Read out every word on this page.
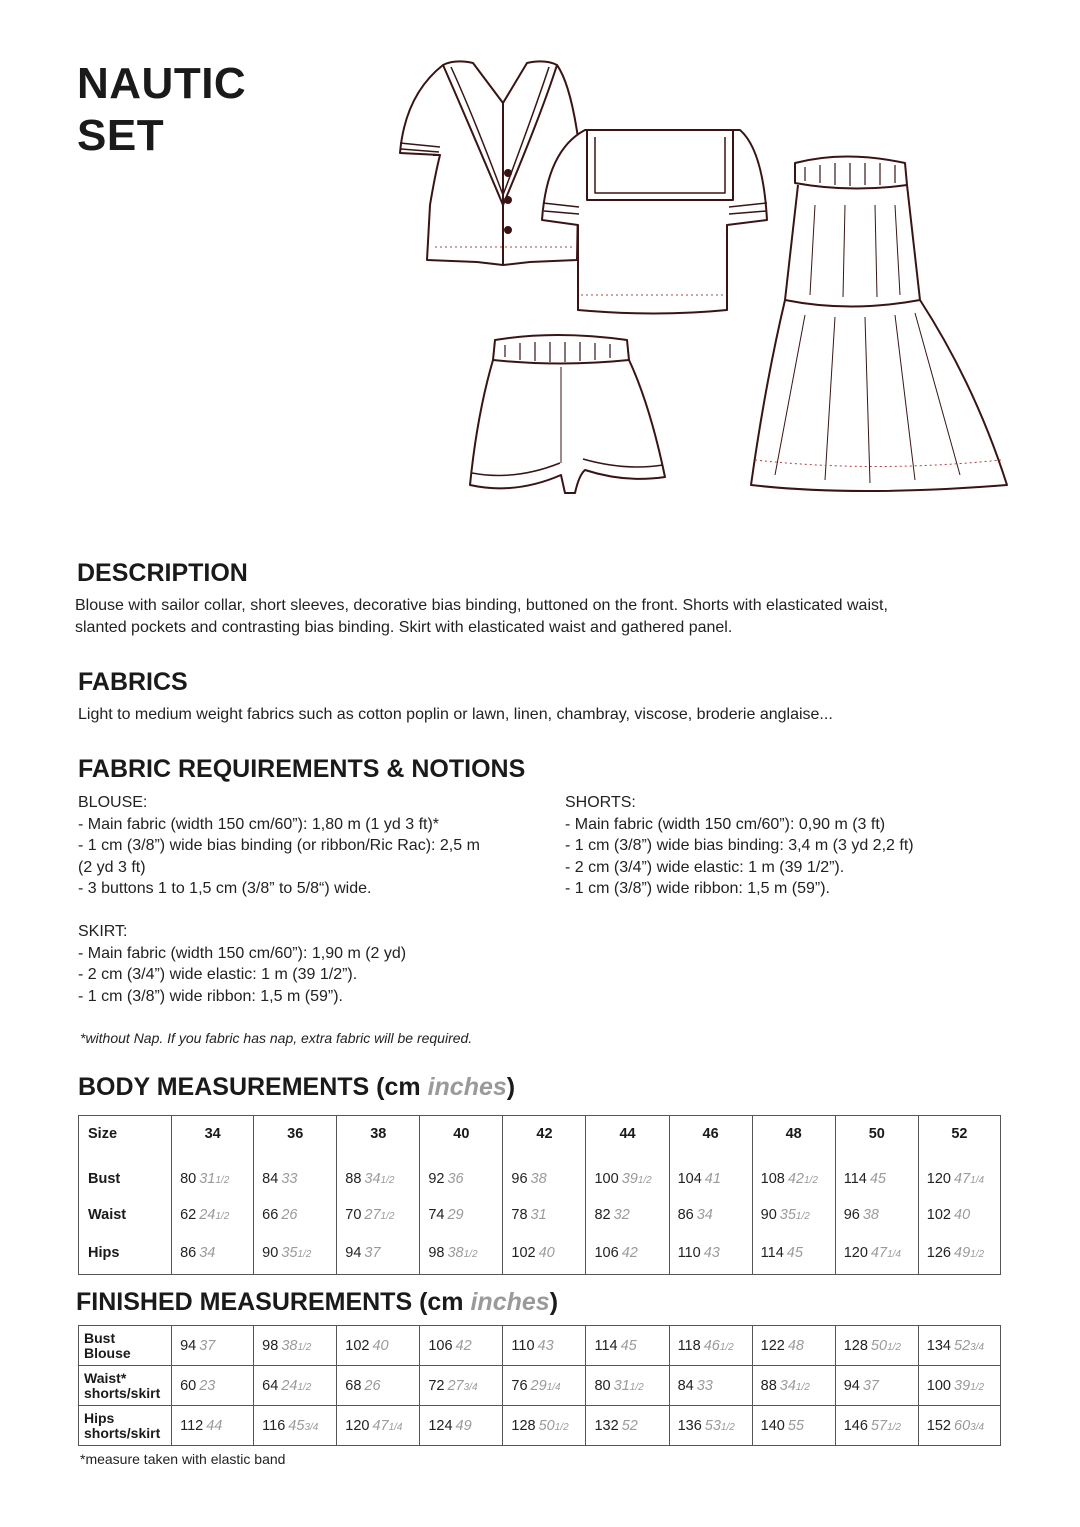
NAUTIC
SET
DESCRIPTION
Blouse with sailor collar, short sleeves, decorative bias binding, buttoned on the front. Shorts with elasticated waist,
slanted pockets and contrasting bias binding. Skirt with elasticated waist and gathered panel.
FABRICS
Light to medium weight fabrics such as cotton poplin or lawn, linen, chambray, viscose, broderie anglaise...
FABRIC REQUIREMENTS & NOTIONS
BLOUSE:
- Main fabric (width 150 cm/60”): 1,80 m (1 yd 3 ft)*
- 1 cm (3/8”) wide bias binding (or ribbon/Ric Rac): 2,5 m
(2 yd 3 ft)
- 3 buttons 1 to 1,5 cm (3/8” to 5/8“) wide.
SKIRT:
- Main fabric (width 150 cm/60”): 1,90 m (2 yd)
- 2 cm (3/4”) wide elastic: 1 m (39 1/2”).
- 1 cm (3/8”) wide ribbon: 1,5 m (59”).
SHORTS:
- Main fabric (width 150 cm/60”): 0,90 m (3 ft)
- 1 cm (3/8”) wide bias binding: 3,4 m (3 yd 2,2 ft)
- 2 cm (3/4”) wide elastic: 1 m (39 1/2”).
- 1 cm (3/8”) wide ribbon: 1,5 m (59”).
*without Nap. If you fabric has nap, extra fabric will be required.
BODY MEASUREMENTS (cm inches)
Size	34	36	38	40	42	44	46	48	50	52

Bust	80 311/2	84 33	88 341/2	92 36	96 38	100 391/2	104 41	108 421/2	114 45	120 471/4
Waist	62 241/2	66 26	70 271/2	74 29	78 31	82 32	86 34	90 351/2	96 38	102 40
Hips	86 34	90 351/2	94 37	98 381/2	102 40	106 42	110 43	114 45	120 471/4	126 491/2
FINISHED MEASUREMENTS (cm inches)
Bust
Blouse	94 37	98 381/2	102 40	106 42	110 43	114 45	118 461/2	122 48	128 501/2	134 523/4

Waist*
shorts/skirt	60 23	64 241/2	68 26	72 273/4	76 291/4	80 311/2	84 33	88 341/2	94 37	100 391/2

Hips
shorts/skirt	112 44	116 453/4	120 471/4	124 49	128 501/2	132 52	136 531/2	140 55	146 571/2	152 603/4
*measure taken with elastic band
